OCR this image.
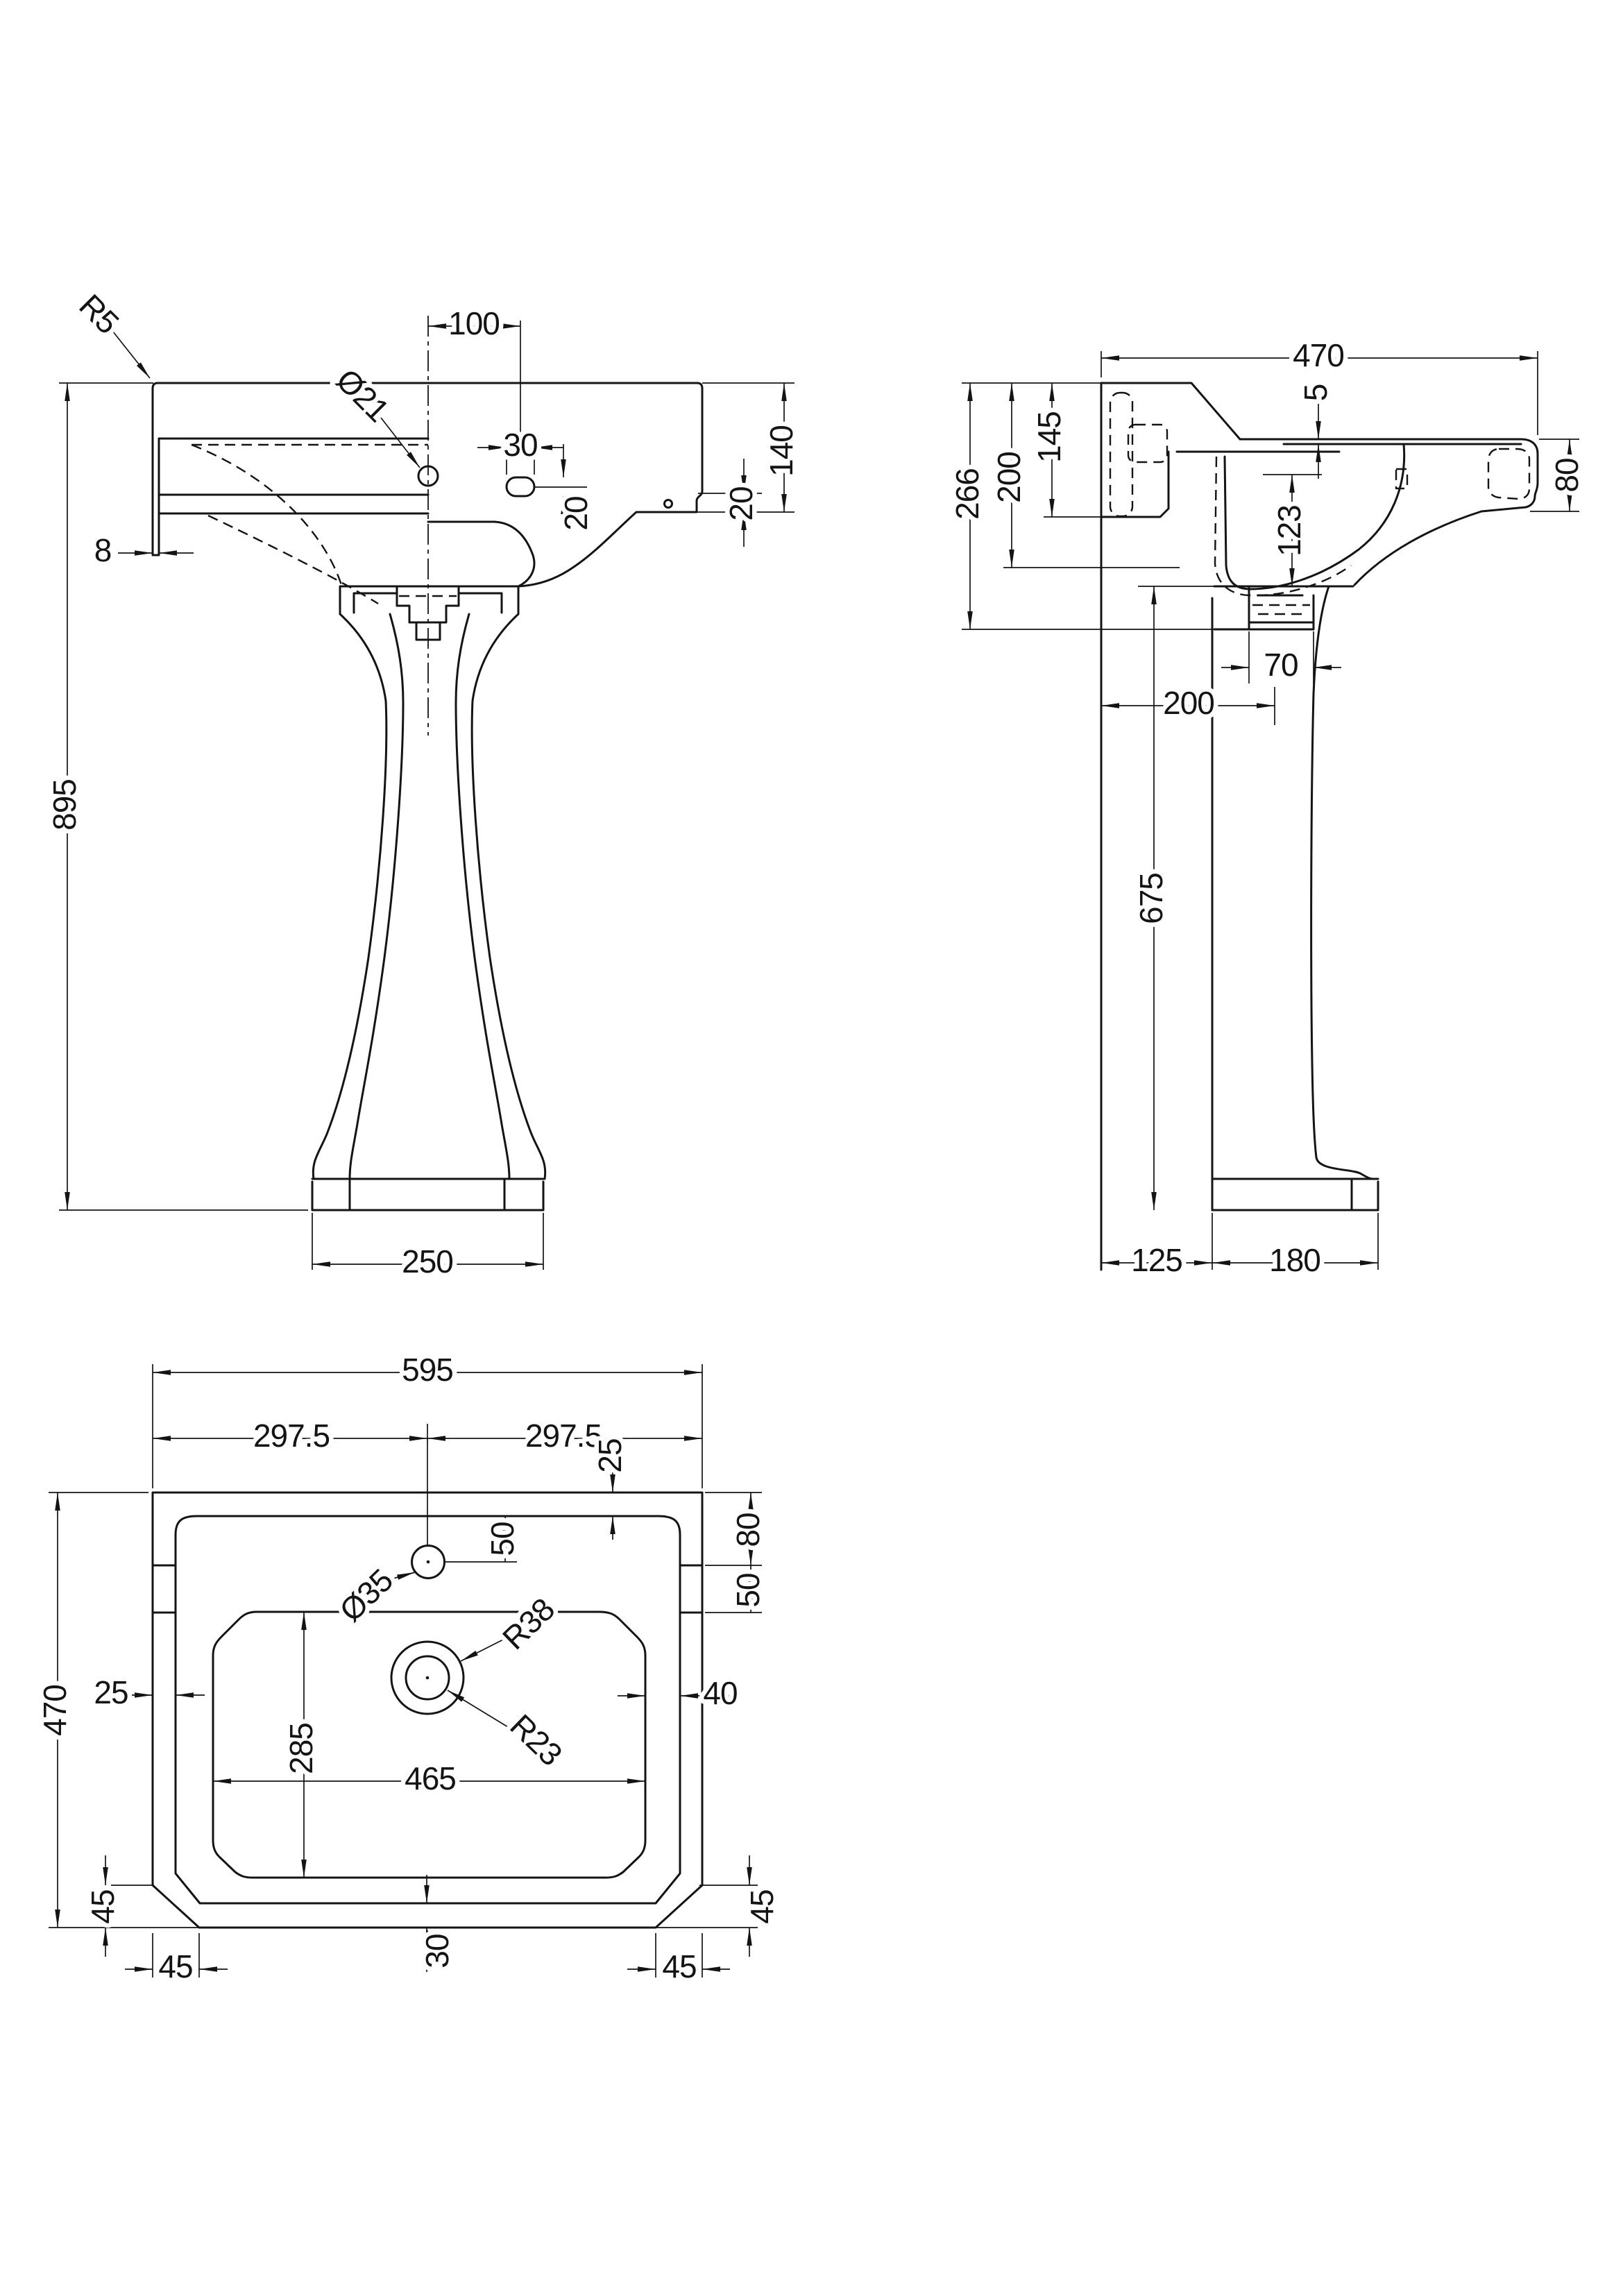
895
250
100
30
20	20
140
8
R5
Ø21
470
5
145
200
266
123
80
70
200
675
125	180
595
297.5	297.5
25
50	80
50
Ø35	R38
R23
25	40
470
285
465
45	45
45	45
30
